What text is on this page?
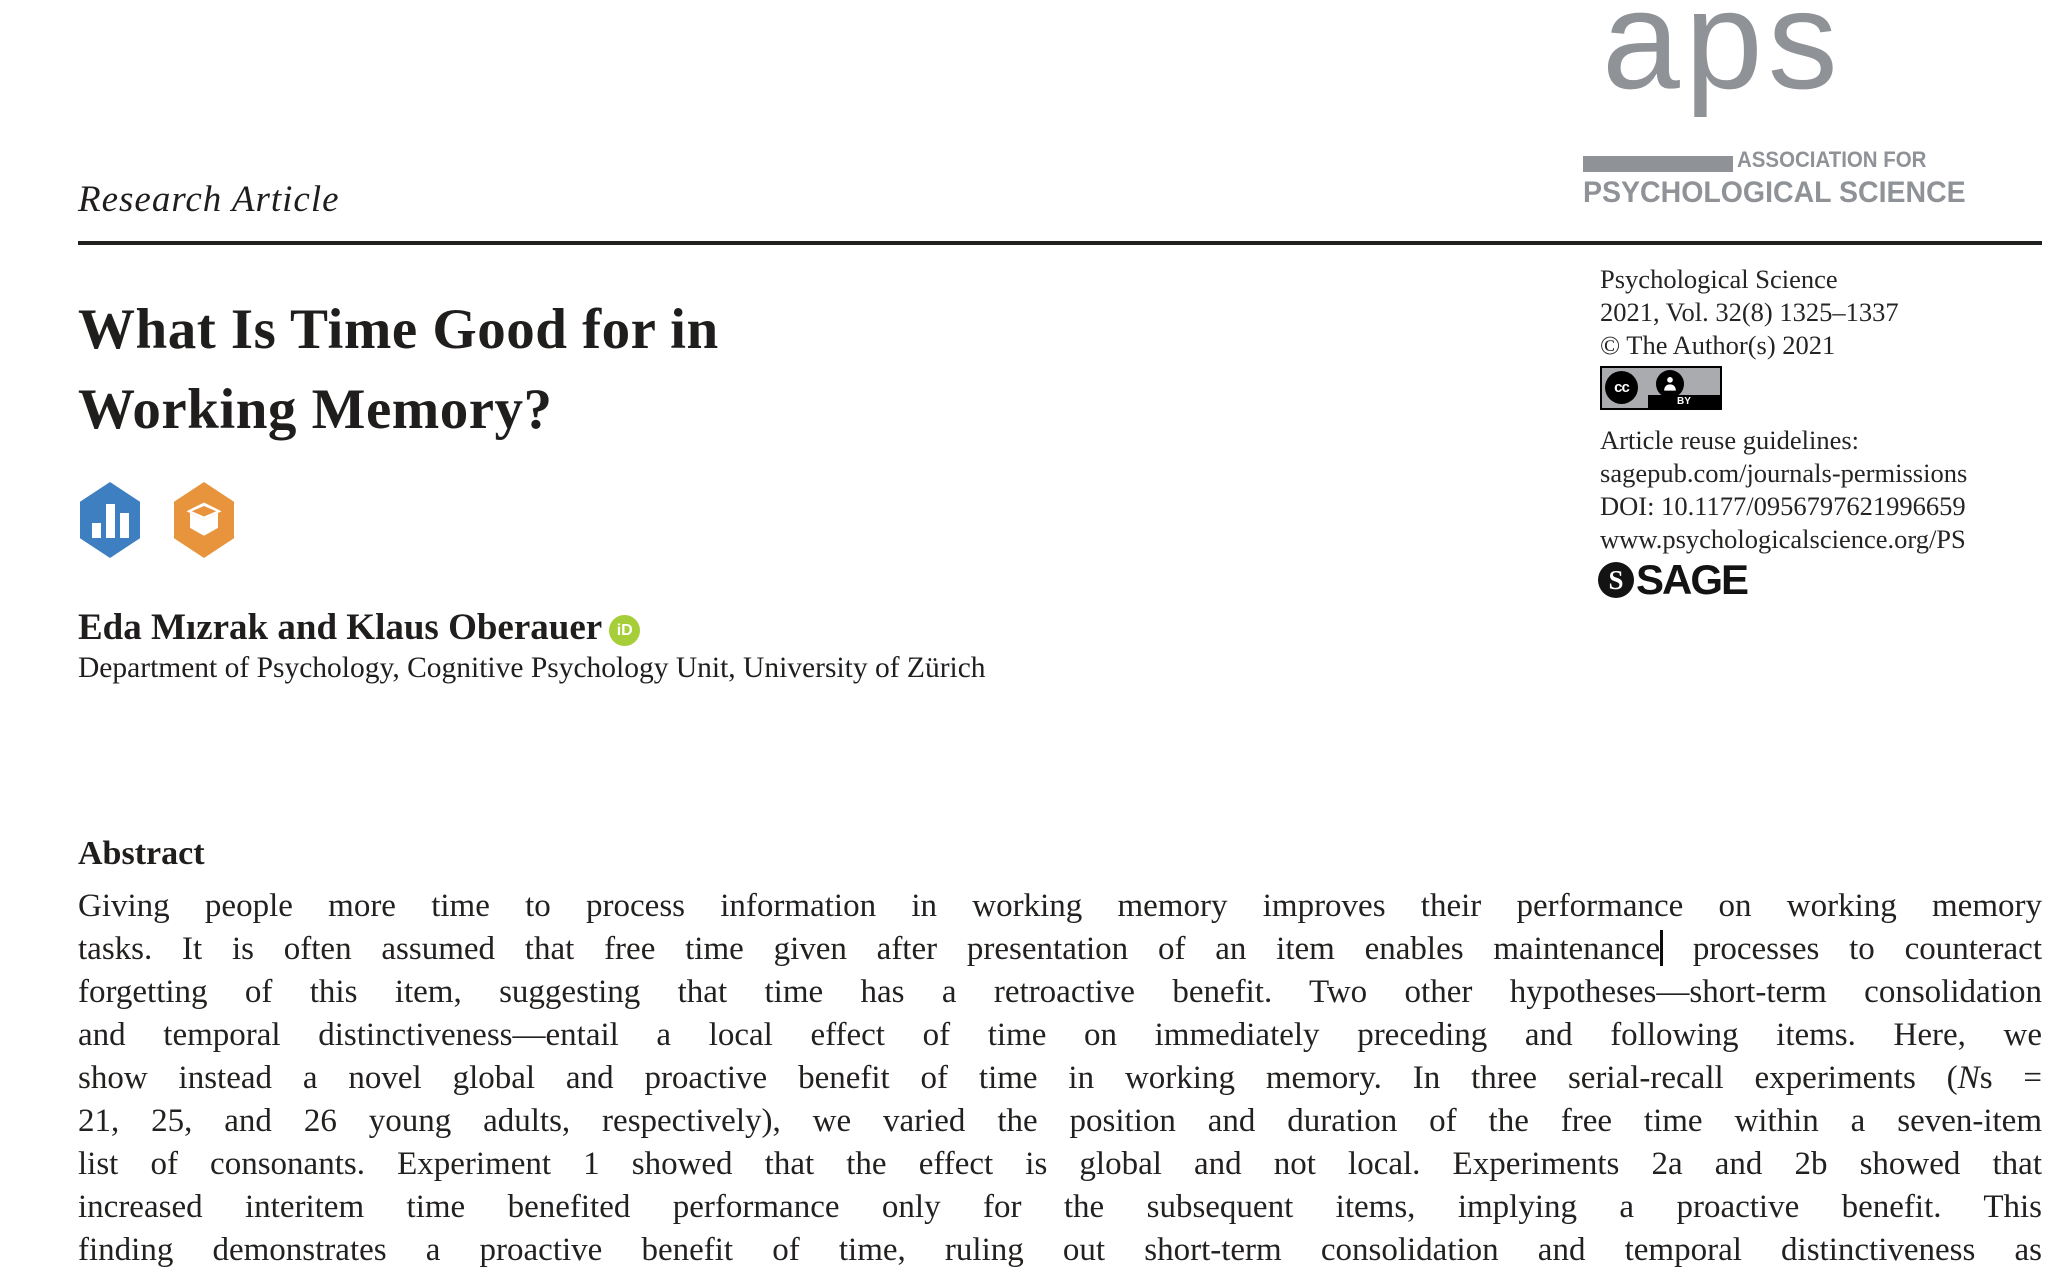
Research Article
aps
ASSOCIATION FOR
PSYCHOLOGICAL SCIENCE
What Is Time Good for in
Working Memory?
Eda Mızrak and Klaus Oberauer iD
Department of Psychology, Cognitive Psychology Unit, University of Zürich
Psychological Science
2021, Vol. 32(8) 1325–1337
© The Author(s) 2021
cc
BY
Article reuse guidelines:
sagepub.com/journals-permissions
DOI: 10.1177/0956797621996659
www.psychologicalscience.org/PS
S SAGE
Abstract
Giving people more time to process information in working memory improves their performance on working memory
tasks. It is often assumed that free time given after presentation of an item enables maintenance processes to counteract
forgetting of this item, suggesting that time has a retroactive benefit. Two other hypotheses—short-term consolidation
and temporal distinctiveness—entail a local effect of time on immediately preceding and following items. Here, we
show instead a novel global and proactive benefit of time in working memory. In three serial-recall experiments (Ns =
21, 25, and 26 young adults, respectively), we varied the position and duration of the free time within a seven-item
list of consonants. Experiment 1 showed that the effect is global and not local. Experiments 2a and 2b showed that
increased interitem time benefited performance only for the subsequent items, implying a proactive benefit. This
finding demonstrates a proactive benefit of time, ruling out short-term consolidation and temporal distinctiveness as
